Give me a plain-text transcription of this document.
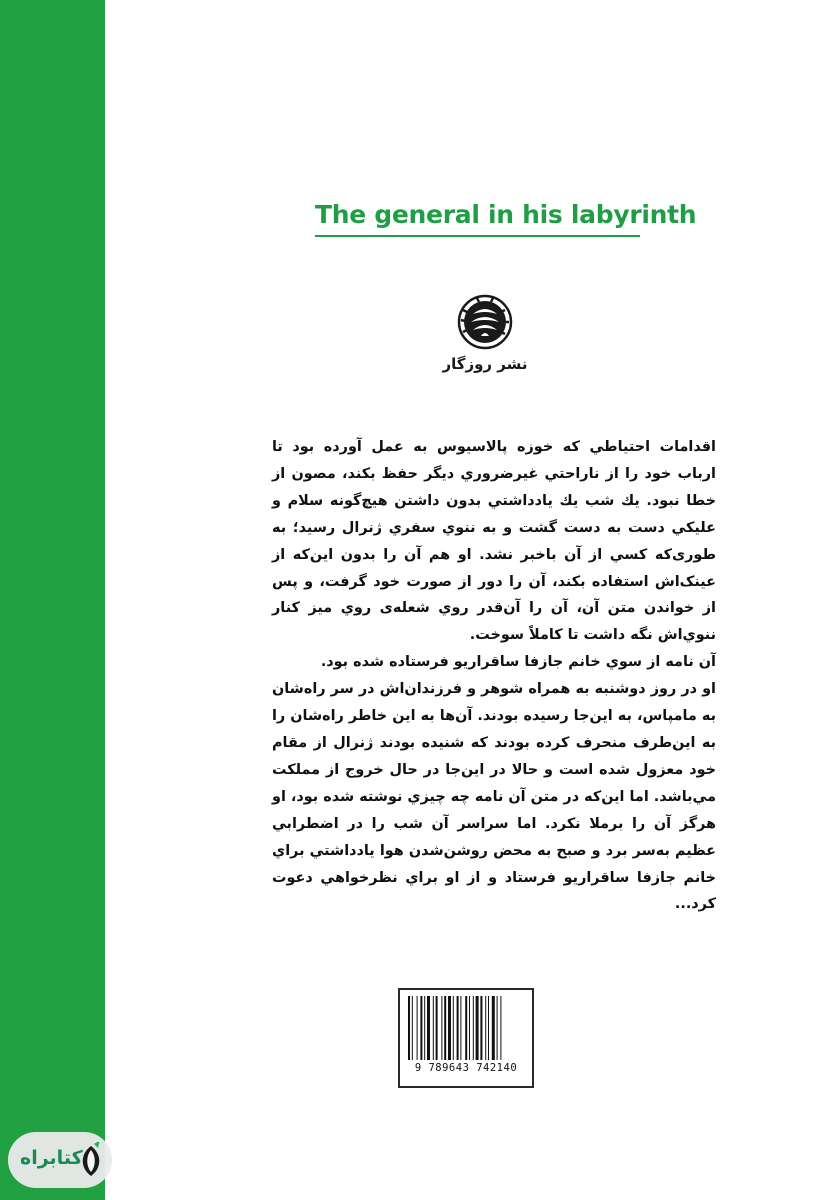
The general in his labyrinth
نشر روزگار

اقدامات احتياطي كه خوزه پالاسيوس به عمل آورده بود تا ارباب خود را از ناراحتي غيرضروري ديگر حفظ بكند، مصون از خطا نبود. يك شب يك يادداشتي بدون داشتن هيچ‌گونه سلام و عليكي دست به دست گشت و به ننوي سفري ژنرال رسيد؛ به طوری‌كه كسي از آن باخبر نشد. او هم آن را بدون این‌که از عینک‌اش استفاده بکند، آن را دور از صورت خود گرفت، و پس از خواندن متن آن، آن را آن‌قدر روي شعله‌ی روي ميز كنار ننوي‌اش نگه داشت تا كاملاً سوخت.

آن نامه از سوي خانم جازفا ساقراريو فرستاده شده بود.

او در روز دوشنبه به همراه شوهر و فرزندان‌اش در سر راه‌شان به مامپاس، به این‌جا رسيده بودند. آن‌ها به این خاطر راه‌شان را به این‌طرف منحرف كرده بودند كه شنيده بودند ژنرال از مقام خود معزول شده است و حالا در اين‌جا در حال خروج از مملكت مي‌باشد. اما این‌که در متن آن نامه چه چيزي نوشته شده بود، او هرگز آن را برملا نكرد. اما سراسر آن شب را در اضطرابي عظيم به‌سر برد و صبح به محض روشن‌شدن هوا يادداشتي براي خانم جازفا ساقراريو فرستاد و از او براي نظرخواهي دعوت كرد...

9 789643 742140
کتابراه
